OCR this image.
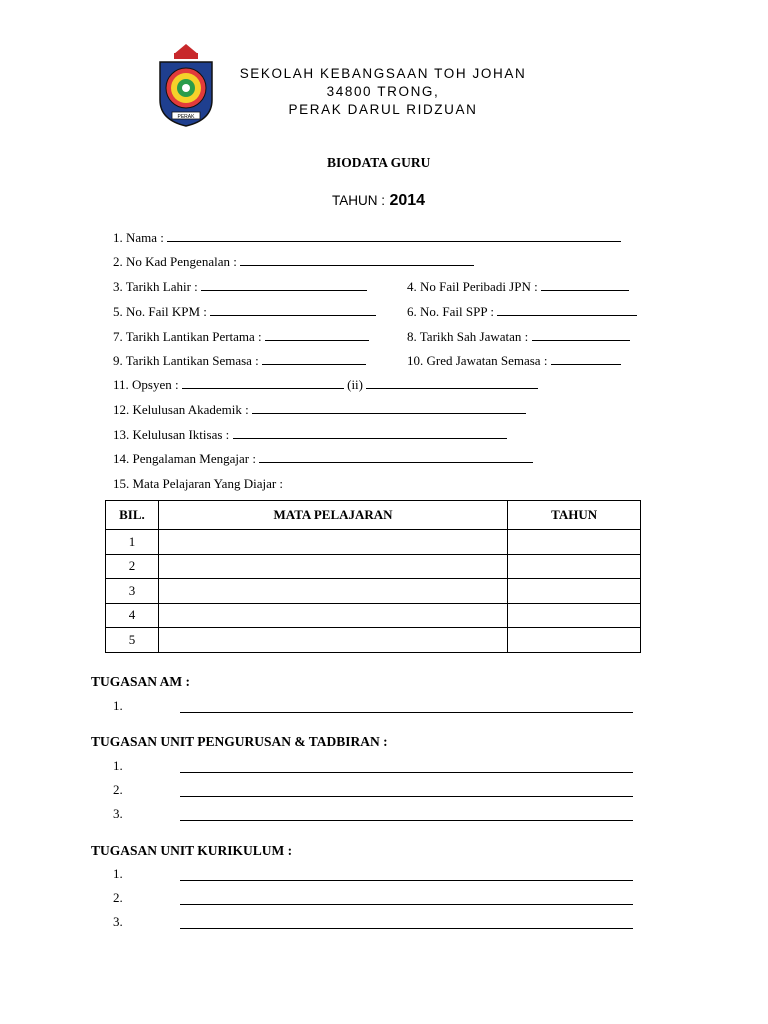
PERAK
SEKOLAH KEBANGSAAN TOH JOHAN
34800 TRONG,
PERAK DARUL RIDZUAN
BIODATA GURU
TAHUN : 2014
1. Nama :
2. No Kad Pengenalan :
3. Tarikh Lahir :	4. No Fail Peribadi JPN :
5. No. Fail KPM :	6. No. Fail SPP :
7. Tarikh Lantikan Pertama :	8. Tarikh Sah Jawatan :
9. Tarikh Lantikan Semasa :	10. Gred Jawatan Semasa :
11. Opsyen :	(ii)
12. Kelulusan Akademik :
13. Kelulusan Iktisas :
14. Pengalaman Mengajar :
15. Mata Pelajaran Yang Diajar :
BIL.	MATA PELAJARAN	TAHUN
1		
2		
3		
4		
5		
TUGASAN AM :
1.
TUGASAN UNIT PENGURUSAN & TADBIRAN :
1.
2.
3.
TUGASAN UNIT KURIKULUM :
1.
2.
3.
